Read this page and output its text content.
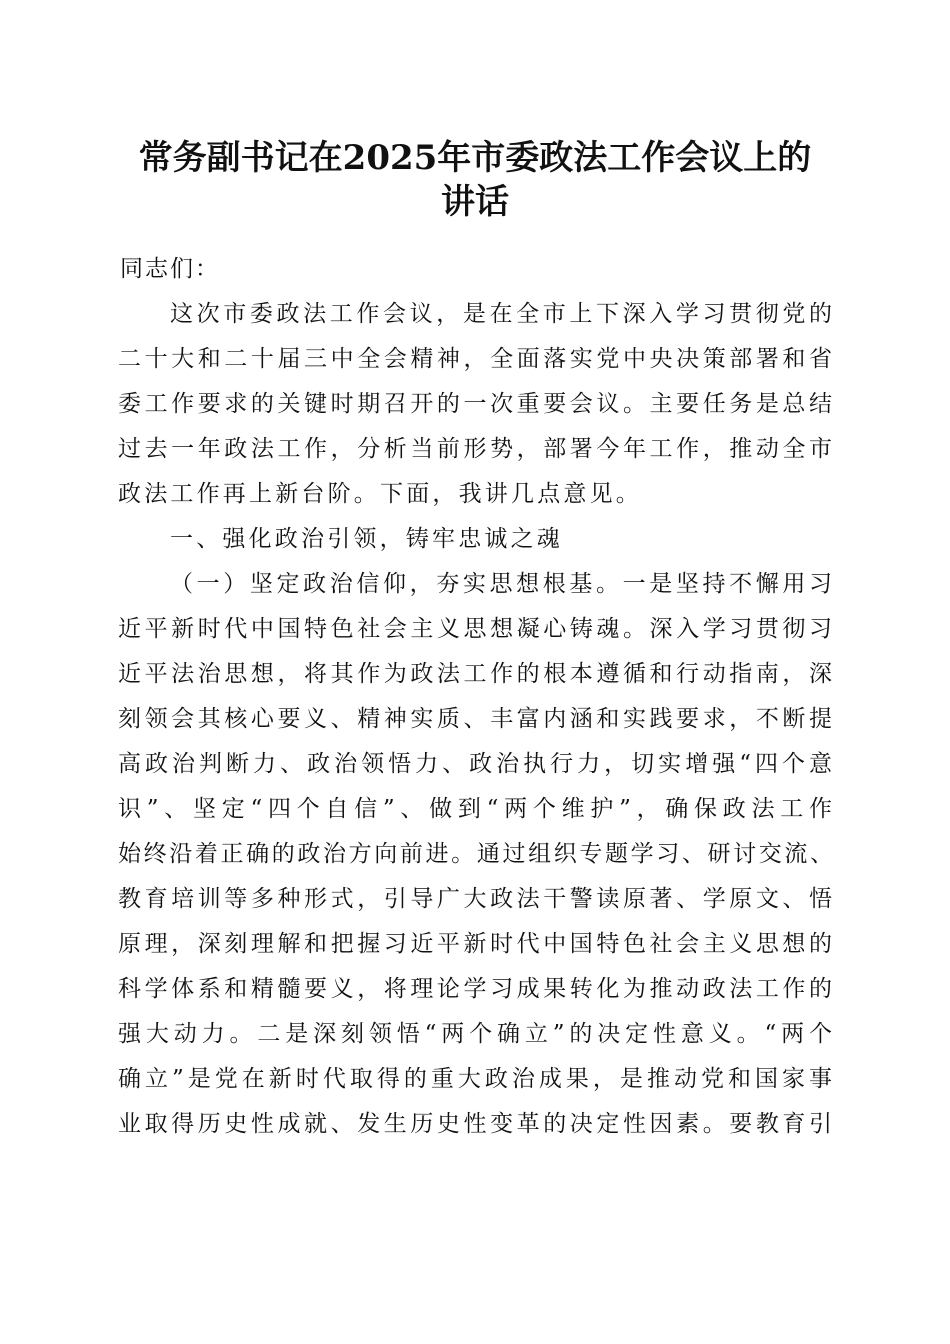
常务副书记在2025年市委政法工作会议上的
讲话
同志们：
这次市委政法工作会议，是在全市上下深入学习贯彻党的
二十大和二十届三中全会精神，全面落实党中央决策部署和省
委工作要求的关键时期召开的一次重要会议。主要任务是总结
过去一年政法工作，分析当前形势，部署今年工作，推动全市
政法工作再上新台阶。下面，我讲几点意见。
一、强化政治引领，铸牢忠诚之魂
（一）坚定政治信仰，夯实思想根基。一是坚持不懈用习
近平新时代中国特色社会主义思想凝心铸魂。深入学习贯彻习
近平法治思想，将其作为政法工作的根本遵循和行动指南，深
刻领会其核心要义、精神实质、丰富内涵和实践要求，不断提
高政治判断力、政治领悟力、政治执行力，切实增强“四个意
识”、坚定“四个自信”、做到“两个维护”，确保政法工作
始终沿着正确的政治方向前进。通过组织专题学习、研讨交流、
教育培训等多种形式，引导广大政法干警读原著、学原文、悟
原理，深刻理解和把握习近平新时代中国特色社会主义思想的
科学体系和精髓要义，将理论学习成果转化为推动政法工作的
强大动力。二是深刻领悟“两个确立”的决定性意义。“两个
确立”是党在新时代取得的重大政治成果，是推动党和国家事
业取得历史性成就、发生历史性变革的决定性因素。要教育引
